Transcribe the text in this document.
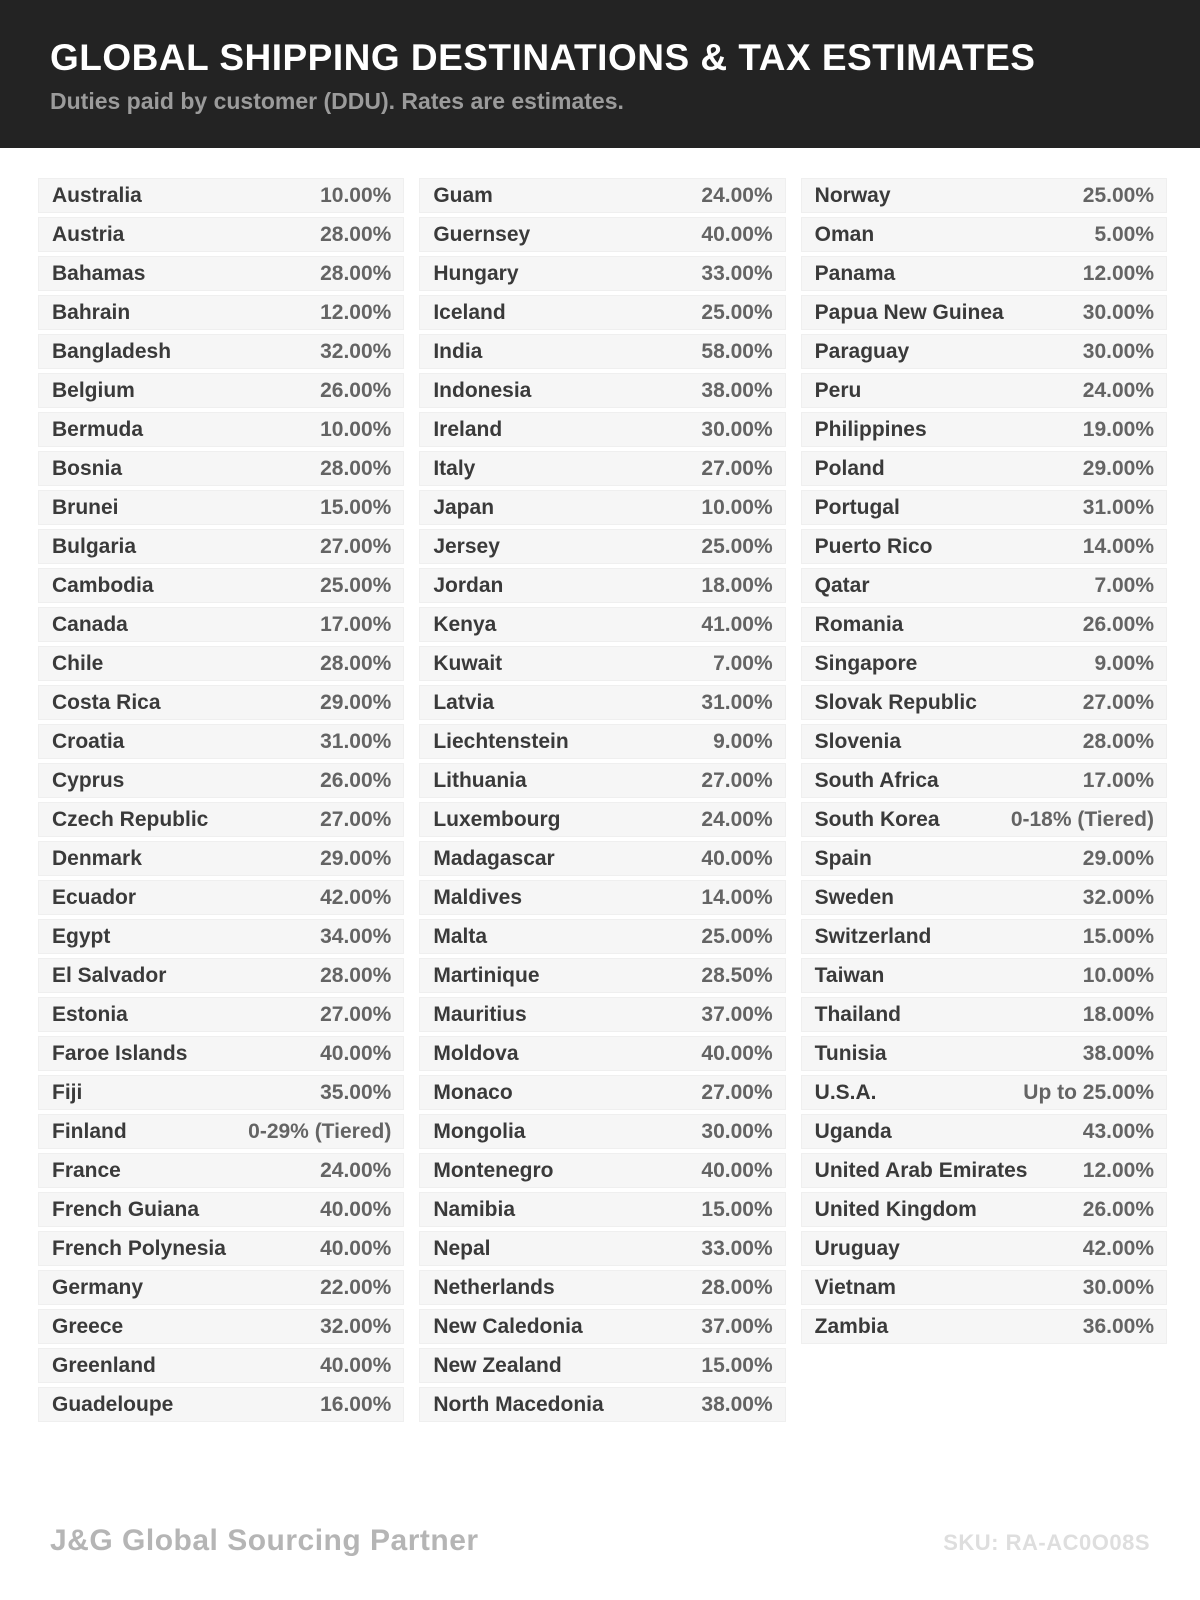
GLOBAL SHIPPING DESTINATIONS & TAX ESTIMATES
Duties paid by customer (DDU). Rates are estimates.
Australia	10.00%
Austria	28.00%
Bahamas	28.00%
Bahrain	12.00%
Bangladesh	32.00%
Belgium	26.00%
Bermuda	10.00%
Bosnia	28.00%
Brunei	15.00%
Bulgaria	27.00%
Cambodia	25.00%
Canada	17.00%
Chile	28.00%
Costa Rica	29.00%
Croatia	31.00%
Cyprus	26.00%
Czech Republic	27.00%
Denmark	29.00%
Ecuador	42.00%
Egypt	34.00%
El Salvador	28.00%
Estonia	27.00%
Faroe Islands	40.00%
Fiji	35.00%
Finland	0-29% (Tiered)
France	24.00%
French Guiana	40.00%
French Polynesia	40.00%
Germany	22.00%
Greece	32.00%
Greenland	40.00%
Guadeloupe	16.00%
Guam	24.00%
Guernsey	40.00%
Hungary	33.00%
Iceland	25.00%
India	58.00%
Indonesia	38.00%
Ireland	30.00%
Italy	27.00%
Japan	10.00%
Jersey	25.00%
Jordan	18.00%
Kenya	41.00%
Kuwait	7.00%
Latvia	31.00%
Liechtenstein	9.00%
Lithuania	27.00%
Luxembourg	24.00%
Madagascar	40.00%
Maldives	14.00%
Malta	25.00%
Martinique	28.50%
Mauritius	37.00%
Moldova	40.00%
Monaco	27.00%
Mongolia	30.00%
Montenegro	40.00%
Namibia	15.00%
Nepal	33.00%
Netherlands	28.00%
New Caledonia	37.00%
New Zealand	15.00%
North Macedonia	38.00%
Norway	25.00%
Oman	5.00%
Panama	12.00%
Papua New Guinea	30.00%
Paraguay	30.00%
Peru	24.00%
Philippines	19.00%
Poland	29.00%
Portugal	31.00%
Puerto Rico	14.00%
Qatar	7.00%
Romania	26.00%
Singapore	9.00%
Slovak Republic	27.00%
Slovenia	28.00%
South Africa	17.00%
South Korea	0-18% (Tiered)
Spain	29.00%
Sweden	32.00%
Switzerland	15.00%
Taiwan	10.00%
Thailand	18.00%
Tunisia	38.00%
U.S.A.	Up to 25.00%
Uganda	43.00%
United Arab Emirates	12.00%
United Kingdom	26.00%
Uruguay	42.00%
Vietnam	30.00%
Zambia	36.00%
J&G Global Sourcing Partner	SKU: RA-AC0O08S
